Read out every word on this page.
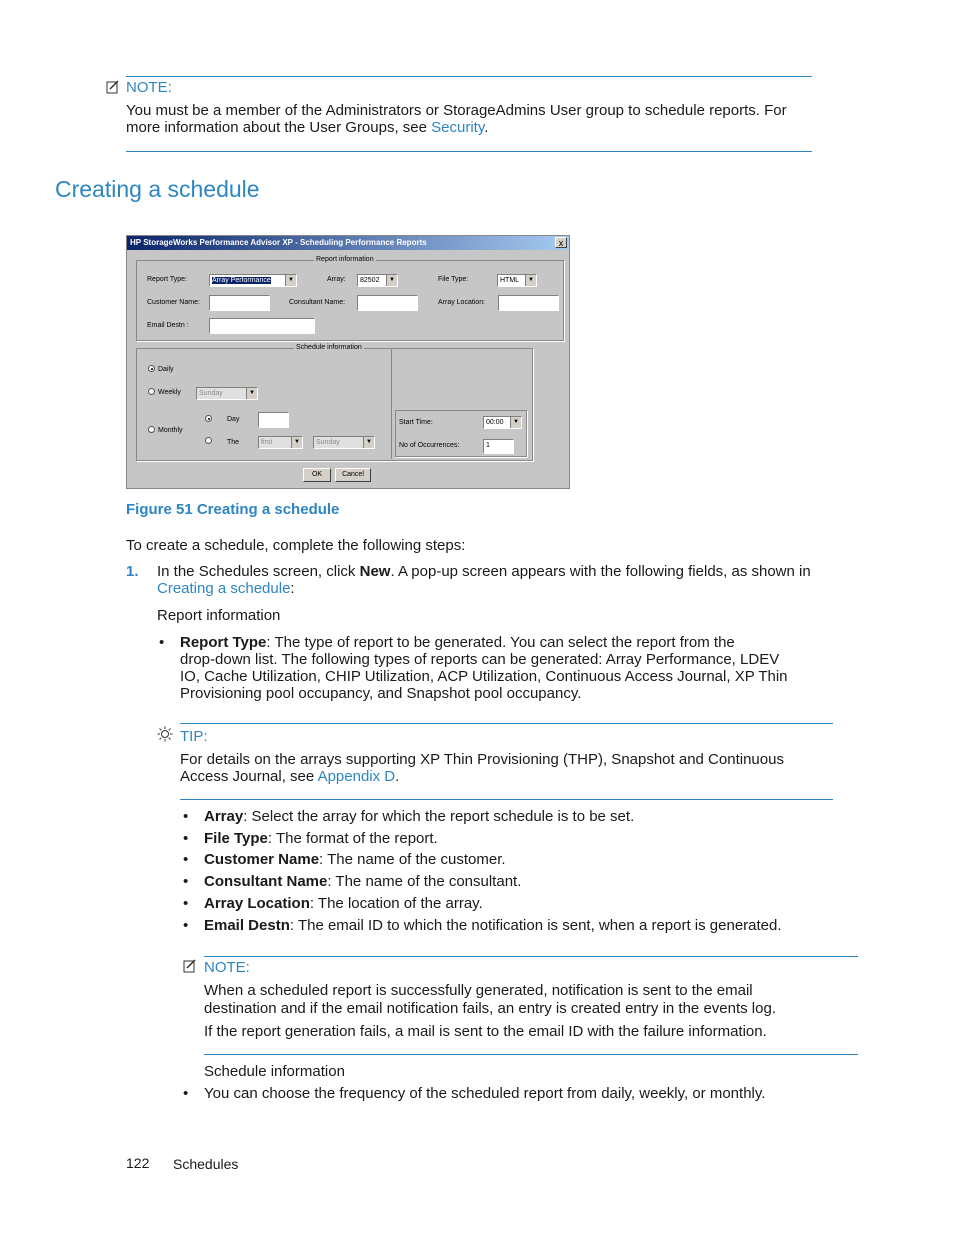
NOTE:
You must be a member of the Administrators or StorageAdmins User group to schedule reports. For
more information about the User Groups, see Security.
Creating a schedule
HP StorageWorks Performance Advisor XP - Scheduling Performance Reports	x
Report information
Report Type:	Array Performance	▼	Array:	82502	▼	File Type:	HTML	▼
Customer Name:	Consultant Name:	Array Location:
Email Destn :
Schedule information
Daily
Weekly	Sunday	▼
Monthly
Day
The	first	▼	Sunday	▼
Start Time:	00:00	▼
No of Occurrences:	1
OK	Cancel
Figure 51 Creating a schedule
To create a schedule, complete the following steps:
1. In the Schedules screen, click New. A pop-up screen appears with the following fields, as shown in
Creating a schedule:
Report information
• Report Type: The type of report to be generated. You can select the report from the
drop-down list. The following types of reports can be generated: Array Performance, LDEV
IO, Cache Utilization, CHIP Utilization, ACP Utilization, Continuous Access Journal, XP Thin
Provisioning pool occupancy, and Snapshot pool occupancy.
TIP:
For details on the arrays supporting XP Thin Provisioning (THP), Snapshot and Continuous
Access Journal, see Appendix D.
• Array: Select the array for which the report schedule is to be set.
• File Type: The format of the report.
• Customer Name: The name of the customer.
• Consultant Name: The name of the consultant.
• Array Location: The location of the array.
• Email Destn: The email ID to which the notification is sent, when a report is generated.
NOTE:
When a scheduled report is successfully generated, notification is sent to the email
destination and if the email notification fails, an entry is created entry in the events log.
If the report generation fails, a mail is sent to the email ID with the failure information.
Schedule information
• You can choose the frequency of the scheduled report from daily, weekly, or monthly.
122 Schedules
